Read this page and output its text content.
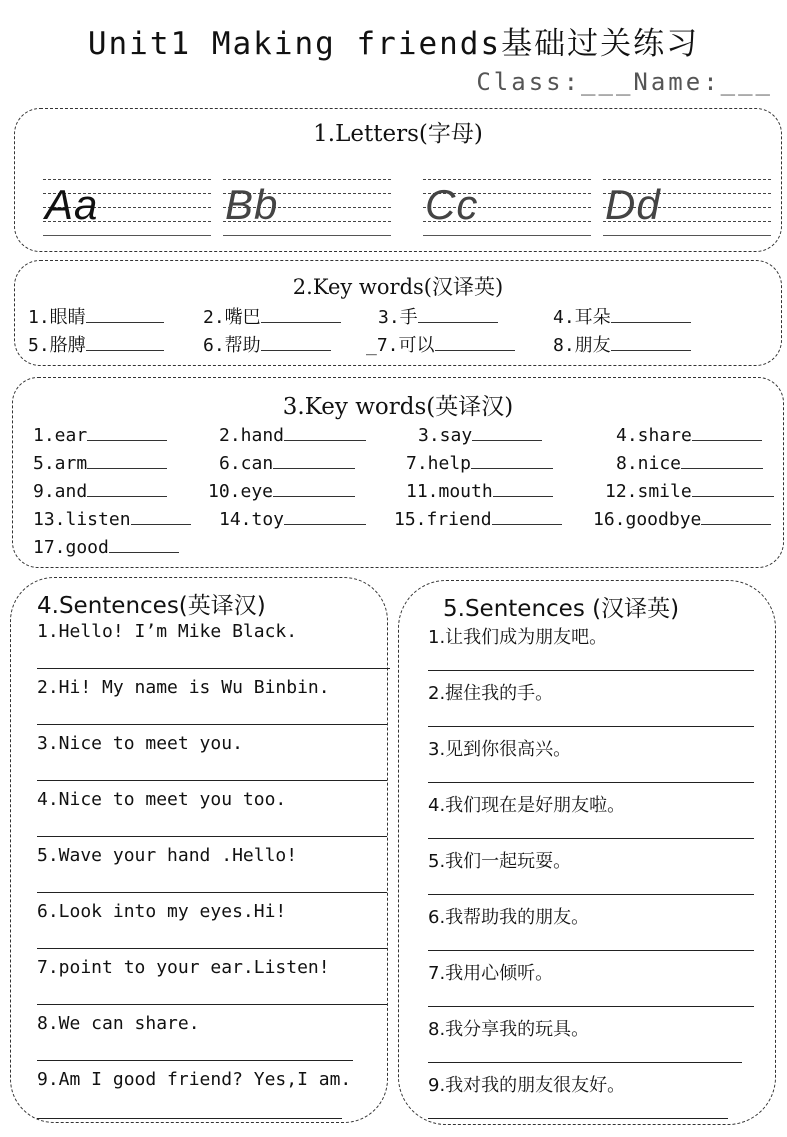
Unit1 Making friends基础过关练习
Class:___Name:___
1.Letters(字母)
Aa	Bb	Cc	Dd
2.Key words(汉译英)
1.眼睛	2.嘴巴	3.手	4.耳朵
5.胳膊	6.帮助	_7.可以	8.朋友
3.Key words(英译汉)
1.ear	2.hand	3.say	4.share
5.arm	6.can	7.help	8.nice
9.and	10.eye	11.mouth	12.smile
13.listen	14.toy	15.friend	16.goodbye
17.good
4.Sentences(英译汉)
1.Hello! I’m Mike Black.
2.Hi! My name is Wu Binbin.
3.Nice to meet you.
4.Nice to meet you too.
5.Wave your hand .Hello!
6.Look into my eyes.Hi!
7.point to your ear.Listen!
8.We can share.
9.Am I good friend? Yes,I am.
5.Sentences (汉译英)
1.让我们成为朋友吧。
2.握住我的手。
3.见到你很高兴。
4.我们现在是好朋友啦。
5.我们一起玩耍。
6.我帮助我的朋友。
7.我用心倾听。
8.我分享我的玩具。
9.我对我的朋友很友好。
